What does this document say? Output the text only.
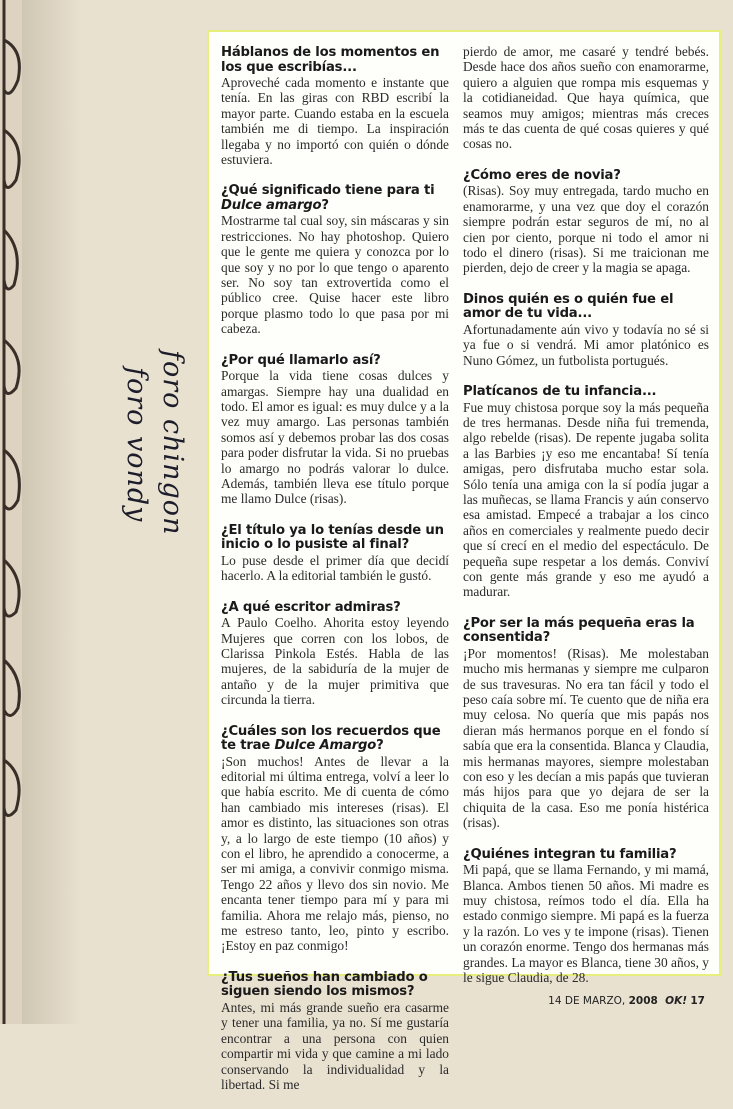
foro chingon
foro vondy

Háblanos de los momentos en los que escribías...

Aproveché cada momento e instante que tenía. En las giras con RBD escribí la mayor parte. Cuando estaba en la escuela también me di tiempo. La inspiración llegaba y no importó con quién o dónde estuviera.

¿Qué significado tiene para ti
Dulce amargo?

Mostrarme tal cual soy, sin máscaras y sin restricciones. No hay photoshop. Quiero que le gente me quiera y conozca por lo que soy y no por lo que tengo o aparento ser. No soy tan extrovertida como el público cree. Quise hacer este libro porque plasmo todo lo que pasa por mi cabeza.

¿Por qué llamarlo así?

Porque la vida tiene cosas dulces y amargas. Siempre hay una dualidad en todo. El amor es igual: es muy dulce y a la vez muy amargo. Las personas también somos así y debemos probar las dos cosas para poder disfrutar la vida. Si no pruebas lo amargo no podrás valorar lo dulce. Además, también lleva ese título porque me llamo Dulce (risas).

¿El título ya lo tenías desde un inicio o lo pusiste al final?

Lo puse desde el primer día que decidí hacerlo. A la editorial también le gustó.

¿A qué escritor admiras?

A Paulo Coelho. Ahorita estoy leyendo Mujeres que corren con los lobos, de Clarissa Pinkola Estés. Habla de las mujeres, de la sabiduría de la mujer de antaño y de la mujer primitiva que circunda la tierra.

¿Cuáles son los recuerdos que te trae Dulce Amargo?

¡Son muchos! Antes de llevar a la editorial mi última entrega, volví a leer lo que había escrito. Me di cuenta de cómo han cambiado mis intereses (risas). El amor es distinto, las situaciones son otras y, a lo largo de este tiempo (10 años) y con el libro, he aprendido a conocerme, a ser mi amiga, a convivir conmigo misma. Tengo 22 años y llevo dos sin novio. Me encanta tener tiempo para mí y para mi familia. Ahora me relajo más, pienso, no me estreso tanto, leo, pinto y escribo. ¡Estoy en paz conmigo!

¿Tus sueños han cambiado o siguen siendo los mismos?

Antes, mi más grande sueño era casarme y tener una familia, ya no. Sí me gustaría encontrar a una persona con quien compartir mi vida y que camine a mi lado conservando la individualidad y la libertad. Si me

pierdo de amor, me casaré y tendré bebés. Desde hace dos años sueño con enamorarme, quiero a alguien que rompa mis esquemas y la cotidianeidad. Que haya química, que seamos muy amigos; mientras más creces más te das cuenta de qué cosas quieres y qué cosas no.

¿Cómo eres de novia?

(Risas). Soy muy entregada, tardo mucho en enamorarme, y una vez que doy el corazón siempre podrán estar seguros de mí, no al cien por ciento, porque ni todo el amor ni todo el dinero (risas). Si me traicionan me pierden, dejo de creer y la magia se apaga.

Dinos quién es o quién fue el amor de tu vida...

Afortunadamente aún vivo y todavía no sé si ya fue o si vendrá. Mi amor platónico es Nuno Gómez, un futbolista portugués.

Platícanos de tu infancia...

Fue muy chistosa porque soy la más pequeña de tres hermanas. Desde niña fui tremenda, algo rebelde (risas). De repente jugaba solita a las Barbies ¡y eso me encantaba! Sí tenía amigas, pero disfrutaba mucho estar sola. Sólo tenía una amiga con la sí podía jugar a las muñecas, se llama Francis y aún conservo esa amistad. Empecé a trabajar a los cinco años en comerciales y realmente puedo decir que sí crecí en el medio del espectáculo. De pequeña supe respetar a los demás. Conviví con gente más grande y eso me ayudó a madurar.

¿Por ser la más pequeña eras la consentida?

¡Por momentos! (Risas). Me molestaban mucho mis hermanas y siempre me culparon de sus travesuras. No era tan fácil y todo el peso caía sobre mí. Te cuento que de niña era muy celosa. No quería que mis papás nos dieran más hermanos porque en el fondo sí sabía que era la consentida. Blanca y Claudia, mis hermanas mayores, siempre molestaban con eso y les decían a mis papás que tuvieran más hijos para que yo dejara de ser la chiquita de la casa. Eso me ponía histérica (risas).

¿Quiénes integran tu familia?

Mi papá, que se llama Fernando, y mi mamá, Blanca. Ambos tienen 50 años. Mi madre es muy chistosa, reímos todo el día. Ella ha estado conmigo siempre. Mi papá es la fuerza y la razón. Lo ves y te impone (risas). Tienen un corazón enorme. Tengo dos hermanas más grandes. La mayor es Blanca, tiene 30 años, y le sigue Claudia, de 28.

14 DE MARZO, 2008 OK! 17
